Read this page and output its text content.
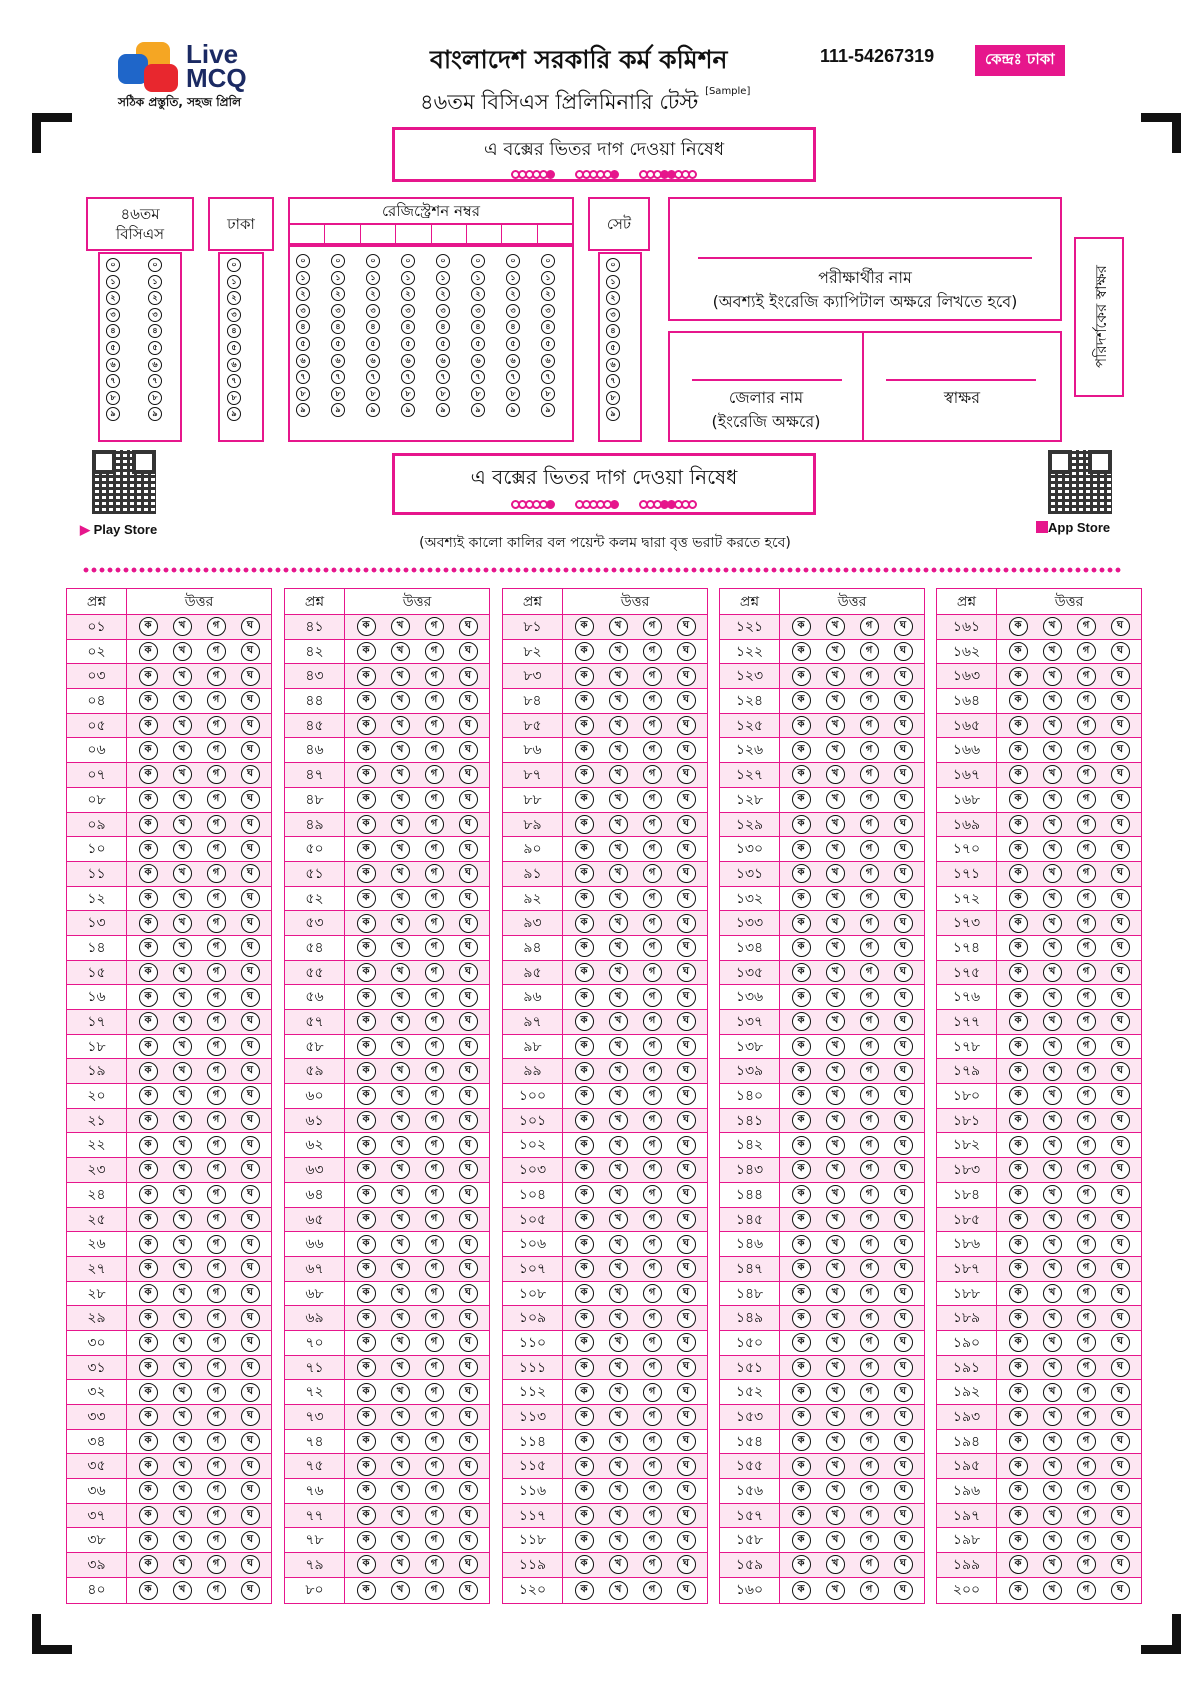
Live
MCQ
সঠিক প্রস্তুতি, সহজ প্রিলি
বাংলাদেশ সরকারি কর্ম কমিশন
৪৬তম বিসিএস প্রিলিমিনারি টেস্ট [Sample]
111-54267319	কেন্দ্রঃ ঢাকা
এ বক্সের ভিতর দাগ দেওয়া নিষেধ
৪৬তম
বিসিএস
ঢাকা
রেজিস্ট্রেশন নম্বর
সেট
০
১
২
৩
৪
৫
৬
৭
৮
৯
০
১
২
৩
৪
৫
৬
৭
৮
৯
০
১
২
৩
৪
৫
৬
৭
৮
৯
০
১
২
৩
৪
৫
৬
৭
৮
৯
০
১
২
৩
৪
৫
৬
৭
৮
৯
০
১
২
৩
৪
৫
৬
৭
৮
৯
০
১
২
৩
৪
৫
৬
৭
৮
৯
০
১
২
৩
৪
৫
৬
৭
৮
৯
০
১
২
৩
৪
৫
৬
৭
৮
৯
০
১
২
৩
৪
৫
৬
৭
৮
৯
০
১
২
৩
৪
৫
৬
৭
৮
৯
০
১
২
৩
৪
৫
৬
৭
৮
৯
পরীক্ষার্থীর নাম
(অবশ্যই ইংরেজি ক্যাপিটাল অক্ষরে লিখতে হবে)
জেলার নাম
(ইংরেজি অক্ষরে)
স্বাক্ষর
পরিদর্শকের স্বাক্ষর
▶ Play Store	App Store
এ বক্সের ভিতর দাগ দেওয়া নিষেধ
(অবশ্যই কালো কালির বল পয়েন্ট কলম দ্বারা বৃত্ত ভরাট করতে হবে)
প্রশ্ন	উত্তর
০১	ক	খ	গ	ঘ
০২	ক	খ	গ	ঘ
০৩	ক	খ	গ	ঘ
০৪	ক	খ	গ	ঘ
০৫	ক	খ	গ	ঘ
০৬	ক	খ	গ	ঘ
০৭	ক	খ	গ	ঘ
০৮	ক	খ	গ	ঘ
০৯	ক	খ	গ	ঘ
১০	ক	খ	গ	ঘ
১১	ক	খ	গ	ঘ
১২	ক	খ	গ	ঘ
১৩	ক	খ	গ	ঘ
১৪	ক	খ	গ	ঘ
১৫	ক	খ	গ	ঘ
১৬	ক	খ	গ	ঘ
১৭	ক	খ	গ	ঘ
১৮	ক	খ	গ	ঘ
১৯	ক	খ	গ	ঘ
২০	ক	খ	গ	ঘ
২১	ক	খ	গ	ঘ
২২	ক	খ	গ	ঘ
২৩	ক	খ	গ	ঘ
২৪	ক	খ	গ	ঘ
২৫	ক	খ	গ	ঘ
২৬	ক	খ	গ	ঘ
২৭	ক	খ	গ	ঘ
২৮	ক	খ	গ	ঘ
২৯	ক	খ	গ	ঘ
৩০	ক	খ	গ	ঘ
৩১	ক	খ	গ	ঘ
৩২	ক	খ	গ	ঘ
৩৩	ক	খ	গ	ঘ
৩৪	ক	খ	গ	ঘ
৩৫	ক	খ	গ	ঘ
৩৬	ক	খ	গ	ঘ
৩৭	ক	খ	গ	ঘ
৩৮	ক	খ	গ	ঘ
৩৯	ক	খ	গ	ঘ
৪০	ক	খ	গ	ঘ
প্রশ্ন	উত্তর
৪১	ক	খ	গ	ঘ
৪২	ক	খ	গ	ঘ
৪৩	ক	খ	গ	ঘ
৪৪	ক	খ	গ	ঘ
৪৫	ক	খ	গ	ঘ
৪৬	ক	খ	গ	ঘ
৪৭	ক	খ	গ	ঘ
৪৮	ক	খ	গ	ঘ
৪৯	ক	খ	গ	ঘ
৫০	ক	খ	গ	ঘ
৫১	ক	খ	গ	ঘ
৫২	ক	খ	গ	ঘ
৫৩	ক	খ	গ	ঘ
৫৪	ক	খ	গ	ঘ
৫৫	ক	খ	গ	ঘ
৫৬	ক	খ	গ	ঘ
৫৭	ক	খ	গ	ঘ
৫৮	ক	খ	গ	ঘ
৫৯	ক	খ	গ	ঘ
৬০	ক	খ	গ	ঘ
৬১	ক	খ	গ	ঘ
৬২	ক	খ	গ	ঘ
৬৩	ক	খ	গ	ঘ
৬৪	ক	খ	গ	ঘ
৬৫	ক	খ	গ	ঘ
৬৬	ক	খ	গ	ঘ
৬৭	ক	খ	গ	ঘ
৬৮	ক	খ	গ	ঘ
৬৯	ক	খ	গ	ঘ
৭০	ক	খ	গ	ঘ
৭১	ক	খ	গ	ঘ
৭২	ক	খ	গ	ঘ
৭৩	ক	খ	গ	ঘ
৭৪	ক	খ	গ	ঘ
৭৫	ক	খ	গ	ঘ
৭৬	ক	খ	গ	ঘ
৭৭	ক	খ	গ	ঘ
৭৮	ক	খ	গ	ঘ
৭৯	ক	খ	গ	ঘ
৮০	ক	খ	গ	ঘ
প্রশ্ন	উত্তর
৮১	ক	খ	গ	ঘ
৮২	ক	খ	গ	ঘ
৮৩	ক	খ	গ	ঘ
৮৪	ক	খ	গ	ঘ
৮৫	ক	খ	গ	ঘ
৮৬	ক	খ	গ	ঘ
৮৭	ক	খ	গ	ঘ
৮৮	ক	খ	গ	ঘ
৮৯	ক	খ	গ	ঘ
৯০	ক	খ	গ	ঘ
৯১	ক	খ	গ	ঘ
৯২	ক	খ	গ	ঘ
৯৩	ক	খ	গ	ঘ
৯৪	ক	খ	গ	ঘ
৯৫	ক	খ	গ	ঘ
৯৬	ক	খ	গ	ঘ
৯৭	ক	খ	গ	ঘ
৯৮	ক	খ	গ	ঘ
৯৯	ক	খ	গ	ঘ
১০০	ক	খ	গ	ঘ
১০১	ক	খ	গ	ঘ
১০২	ক	খ	গ	ঘ
১০৩	ক	খ	গ	ঘ
১০৪	ক	খ	গ	ঘ
১০৫	ক	খ	গ	ঘ
১০৬	ক	খ	গ	ঘ
১০৭	ক	খ	গ	ঘ
১০৮	ক	খ	গ	ঘ
১০৯	ক	খ	গ	ঘ
১১০	ক	খ	গ	ঘ
১১১	ক	খ	গ	ঘ
১১২	ক	খ	গ	ঘ
১১৩	ক	খ	গ	ঘ
১১৪	ক	খ	গ	ঘ
১১৫	ক	খ	গ	ঘ
১১৬	ক	খ	গ	ঘ
১১৭	ক	খ	গ	ঘ
১১৮	ক	খ	গ	ঘ
১১৯	ক	খ	গ	ঘ
১২০	ক	খ	গ	ঘ
প্রশ্ন	উত্তর
১২১	ক	খ	গ	ঘ
১২২	ক	খ	গ	ঘ
১২৩	ক	খ	গ	ঘ
১২৪	ক	খ	গ	ঘ
১২৫	ক	খ	গ	ঘ
১২৬	ক	খ	গ	ঘ
১২৭	ক	খ	গ	ঘ
১২৮	ক	খ	গ	ঘ
১২৯	ক	খ	গ	ঘ
১৩০	ক	খ	গ	ঘ
১৩১	ক	খ	গ	ঘ
১৩২	ক	খ	গ	ঘ
১৩৩	ক	খ	গ	ঘ
১৩৪	ক	খ	গ	ঘ
১৩৫	ক	খ	গ	ঘ
১৩৬	ক	খ	গ	ঘ
১৩৭	ক	খ	গ	ঘ
১৩৮	ক	খ	গ	ঘ
১৩৯	ক	খ	গ	ঘ
১৪০	ক	খ	গ	ঘ
১৪১	ক	খ	গ	ঘ
১৪২	ক	খ	গ	ঘ
১৪৩	ক	খ	গ	ঘ
১৪৪	ক	খ	গ	ঘ
১৪৫	ক	খ	গ	ঘ
১৪৬	ক	খ	গ	ঘ
১৪৭	ক	খ	গ	ঘ
১৪৮	ক	খ	গ	ঘ
১৪৯	ক	খ	গ	ঘ
১৫০	ক	খ	গ	ঘ
১৫১	ক	খ	গ	ঘ
১৫২	ক	খ	গ	ঘ
১৫৩	ক	খ	গ	ঘ
১৫৪	ক	খ	গ	ঘ
১৫৫	ক	খ	গ	ঘ
১৫৬	ক	খ	গ	ঘ
১৫৭	ক	খ	গ	ঘ
১৫৮	ক	খ	গ	ঘ
১৫৯	ক	খ	গ	ঘ
১৬০	ক	খ	গ	ঘ
প্রশ্ন	উত্তর
১৬১	ক	খ	গ	ঘ
১৬২	ক	খ	গ	ঘ
১৬৩	ক	খ	গ	ঘ
১৬৪	ক	খ	গ	ঘ
১৬৫	ক	খ	গ	ঘ
১৬৬	ক	খ	গ	ঘ
১৬৭	ক	খ	গ	ঘ
১৬৮	ক	খ	গ	ঘ
১৬৯	ক	খ	গ	ঘ
১৭০	ক	খ	গ	ঘ
১৭১	ক	খ	গ	ঘ
১৭২	ক	খ	গ	ঘ
১৭৩	ক	খ	গ	ঘ
১৭৪	ক	খ	গ	ঘ
১৭৫	ক	খ	গ	ঘ
১৭৬	ক	খ	গ	ঘ
১৭৭	ক	খ	গ	ঘ
১৭৮	ক	খ	গ	ঘ
১৭৯	ক	খ	গ	ঘ
১৮০	ক	খ	গ	ঘ
১৮১	ক	খ	গ	ঘ
১৮২	ক	খ	গ	ঘ
১৮৩	ক	খ	গ	ঘ
১৮৪	ক	খ	গ	ঘ
১৮৫	ক	খ	গ	ঘ
১৮৬	ক	খ	গ	ঘ
১৮৭	ক	খ	গ	ঘ
১৮৮	ক	খ	গ	ঘ
১৮৯	ক	খ	গ	ঘ
১৯০	ক	খ	গ	ঘ
১৯১	ক	খ	গ	ঘ
১৯২	ক	খ	গ	ঘ
১৯৩	ক	খ	গ	ঘ
১৯৪	ক	খ	গ	ঘ
১৯৫	ক	খ	গ	ঘ
১৯৬	ক	খ	গ	ঘ
১৯৭	ক	খ	গ	ঘ
১৯৮	ক	খ	গ	ঘ
১৯৯	ক	খ	গ	ঘ
২০০	ক	খ	গ	ঘ
